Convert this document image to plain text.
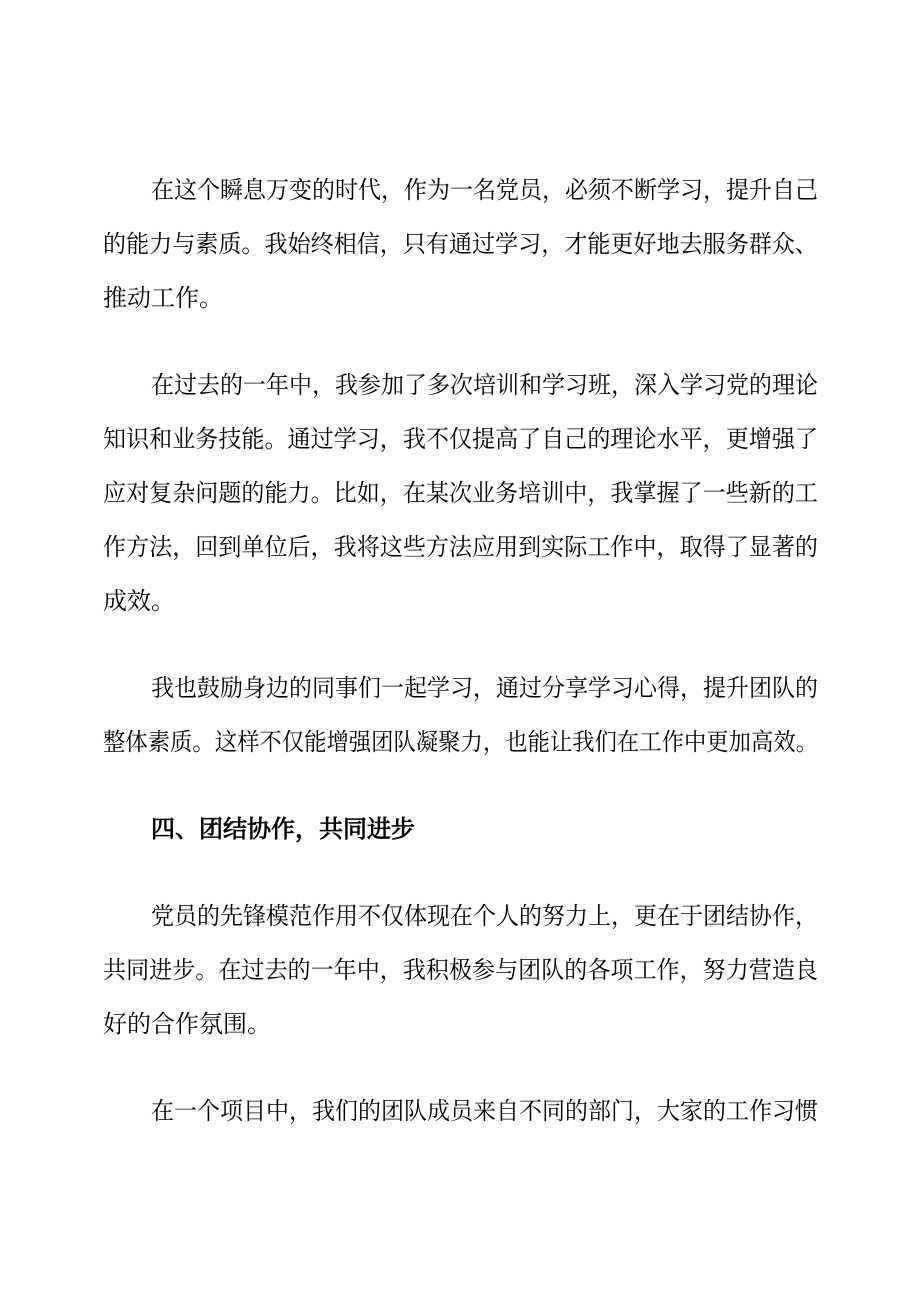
在这个瞬息万变的时代，作为一名党员，必须不断学习，提升自己
的能力与素质。我始终相信，只有通过学习，才能更好地去服务群众、
推动工作。
在过去的一年中，我参加了多次培训和学习班，深入学习党的理论
知识和业务技能。通过学习，我不仅提高了自己的理论水平，更增强了
应对复杂问题的能力。比如，在某次业务培训中，我掌握了一些新的工
作方法，回到单位后，我将这些方法应用到实际工作中，取得了显著的
成效。
我也鼓励身边的同事们一起学习，通过分享学习心得，提升团队的
整体素质。这样不仅能增强团队凝聚力，也能让我们在工作中更加高效。
四、团结协作，共同进步
党员的先锋模范作用不仅体现在个人的努力上，更在于团结协作，
共同进步。在过去的一年中，我积极参与团队的各项工作，努力营造良
好的合作氛围。
在一个项目中，我们的团队成员来自不同的部门，大家的工作习惯
